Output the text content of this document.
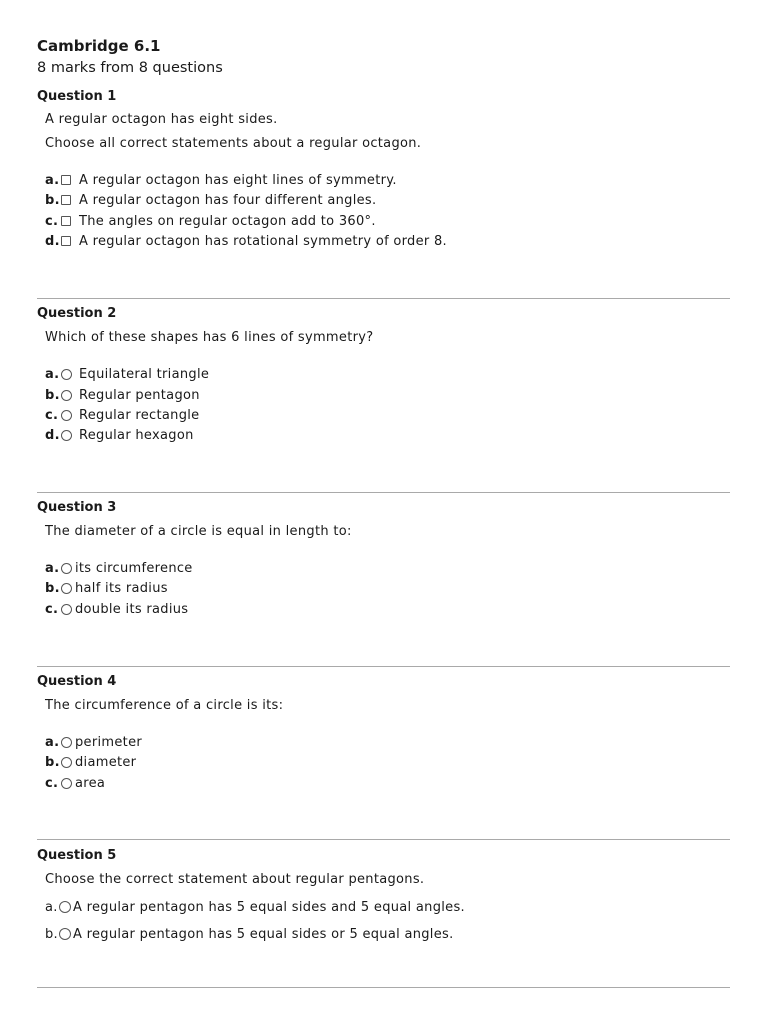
Cambridge 6.1
8 marks from 8 questions
Question 1
A regular octagon has eight sides.
Choose all correct statements about a regular octagon.
a. A regular octagon has eight lines of symmetry.
b. A regular octagon has four different angles.
c. The angles on regular octagon add to 360°.
d. A regular octagon has rotational symmetry of order 8.
Question 2
Which of these shapes has 6 lines of symmetry?
a. Equilateral triangle
b. Regular pentagon
c. Regular rectangle
d. Regular hexagon
Question 3
The diameter of a circle is equal in length to:
a. its circumference
b. half its radius
c. double its radius
Question 4
The circumference of a circle is its:
a. perimeter
b. diameter
c. area
Question 5
Choose the correct statement about regular pentagons.
a. A regular pentagon has 5 equal sides and 5 equal angles.
b. A regular pentagon has 5 equal sides or 5 equal angles.
